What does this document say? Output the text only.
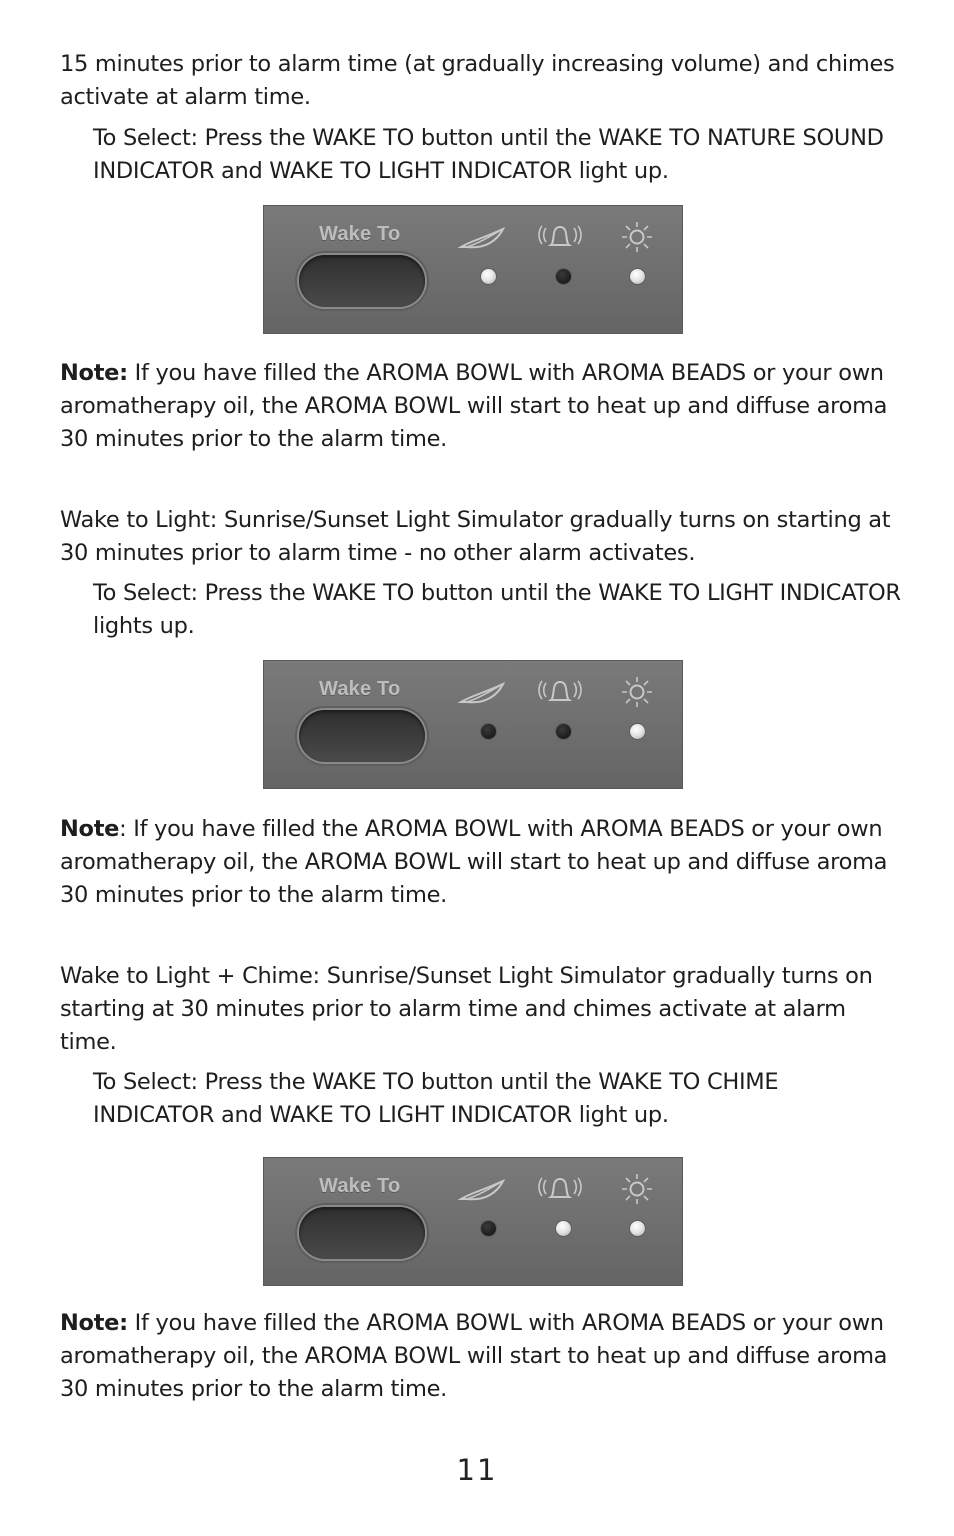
15 minutes prior to alarm time (at gradually increasing volume) and chimes
activate at alarm time.

To Select: Press the WAKE TO button until the WAKE TO NATURE SOUND
INDICATOR and WAKE TO LIGHT INDICATOR light up.

Wake To

Note: If you have filled the AROMA BOWL with AROMA BEADS or your own
aromatherapy oil, the AROMA BOWL will start to heat up and diffuse aroma
30 minutes prior to the alarm time.

Wake to Light: Sunrise/Sunset Light Simulator gradually turns on starting at
30 minutes prior to alarm time - no other alarm activates.

To Select: Press the WAKE TO button until the WAKE TO LIGHT INDICATOR
lights up.

Wake To

Note: If you have filled the AROMA BOWL with AROMA BEADS or your own
aromatherapy oil, the AROMA BOWL will start to heat up and diffuse aroma
30 minutes prior to the alarm time.

Wake to Light + Chime: Sunrise/Sunset Light Simulator gradually turns on
starting at 30 minutes prior to alarm time and chimes activate at alarm
time.

To Select: Press the WAKE TO button until the WAKE TO CHIME
INDICATOR and WAKE TO LIGHT INDICATOR light up.

Wake To

Note: If you have filled the AROMA BOWL with AROMA BEADS or your own
aromatherapy oil, the AROMA BOWL will start to heat up and diffuse aroma
30 minutes prior to the alarm time.

11
